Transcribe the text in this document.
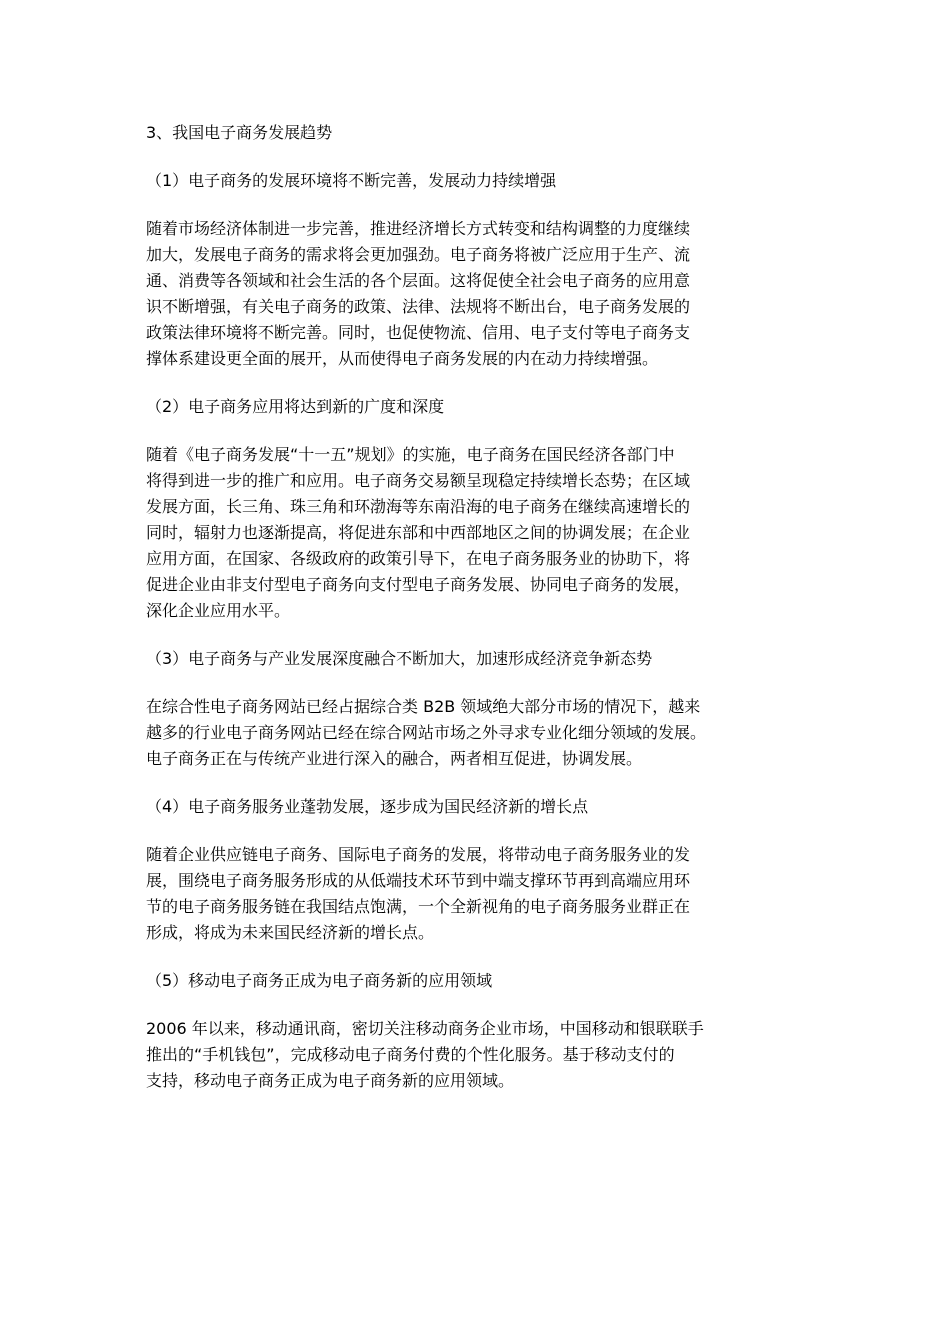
3、我国电子商务发展趋势
（1）电子商务的发展环境将不断完善，发展动力持续增强
随着市场经济体制进一步完善，推进经济增长方式转变和结构调整的力度继续
加大，发展电子商务的需求将会更加强劲。电子商务将被广泛应用于生产、流
通、消费等各领域和社会生活的各个层面。这将促使全社会电子商务的应用意
识不断增强，有关电子商务的政策、法律、法规将不断出台，电子商务发展的
政策法律环境将不断完善。同时，也促使物流、信用、电子支付等电子商务支
撑体系建设更全面的展开，从而使得电子商务发展的内在动力持续增强。
（2）电子商务应用将达到新的广度和深度
随着《电子商务发展“十一五”规划》的实施，电子商务在国民经济各部门中
将得到进一步的推广和应用。电子商务交易额呈现稳定持续增长态势；在区域
发展方面，长三角、珠三角和环渤海等东南沿海的电子商务在继续高速增长的
同时，辐射力也逐渐提高，将促进东部和中西部地区之间的协调发展；在企业
应用方面，在国家、各级政府的政策引导下，在电子商务服务业的协助下，将
促进企业由非支付型电子商务向支付型电子商务发展、协同电子商务的发展，
深化企业应用水平。
（3）电子商务与产业发展深度融合不断加大，加速形成经济竞争新态势
在综合性电子商务网站已经占据综合类 B2B 领域绝大部分市场的情况下，越来
越多的行业电子商务网站已经在综合网站市场之外寻求专业化细分领域的发展。
电子商务正在与传统产业进行深入的融合，两者相互促进，协调发展。
（4）电子商务服务业蓬勃发展，逐步成为国民经济新的增长点
随着企业供应链电子商务、国际电子商务的发展，将带动电子商务服务业的发
展，围绕电子商务服务形成的从低端技术环节到中端支撑环节再到高端应用环
节的电子商务服务链在我国结点饱满，一个全新视角的电子商务服务业群正在
形成，将成为未来国民经济新的增长点。
（5）移动电子商务正成为电子商务新的应用领域
2006 年以来，移动通讯商，密切关注移动商务企业市场，中国移动和银联联手
推出的“手机钱包”，完成移动电子商务付费的个性化服务。基于移动支付的
支持，移动电子商务正成为电子商务新的应用领域。
